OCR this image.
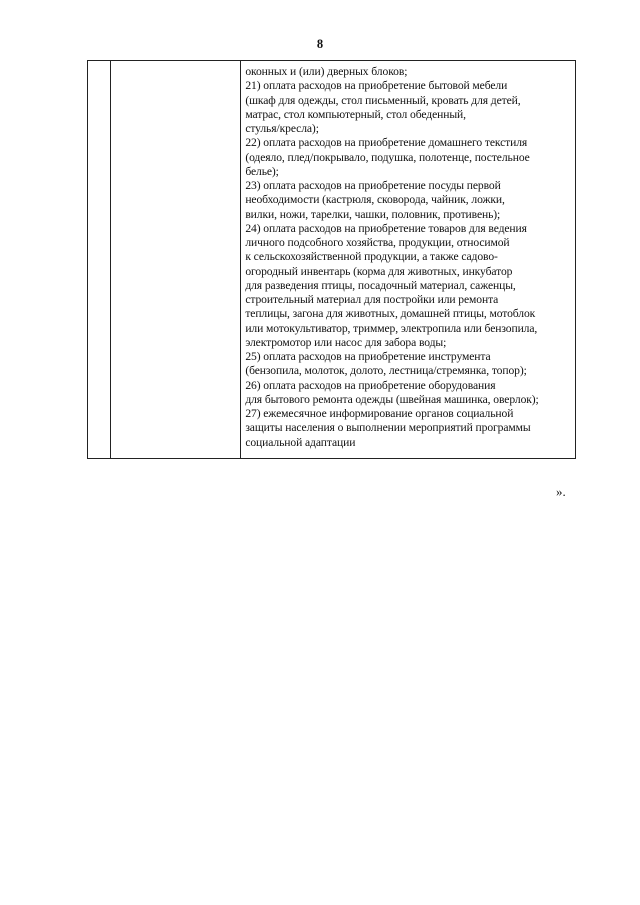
8

оконных и (или) дверных блоков;
21) оплата расходов на приобретение бытовой мебели
(шкаф для одежды, стол письменный, кровать для детей,
матрас, стол компьютерный, стол обеденный,
стулья/кресла);
22) оплата расходов на приобретение домашнего текстиля
(одеяло, плед/покрывало, подушка, полотенце, постельное
белье);
23) оплата расходов на приобретение посуды первой
необходимости (кастрюля, сковорода, чайник, ложки,
вилки, ножи, тарелки, чашки, половник, противень);
24) оплата расходов на приобретение товаров для ведения
личного подсобного хозяйства, продукции, относимой
к сельскохозяйственной продукции, а также садово-
огородный инвентарь (корма для животных, инкубатор
для разведения птицы, посадочный материал, саженцы,
строительный материал для постройки или ремонта
теплицы, загона для животных, домашней птицы, мотоблок
или мотокультиватор, триммер, электропила или бензопила,
электромотор или насос для забора воды;
25) оплата расходов на приобретение инструмента
(бензопила, молоток, долото, лестница/стремянка, топор);
26) оплата расходов на приобретение оборудования
для бытового ремонта одежды (швейная машинка, оверлок);
27) ежемесячное информирование органов социальной
защиты населения о выполнении мероприятий программы
социальной адаптации
».
